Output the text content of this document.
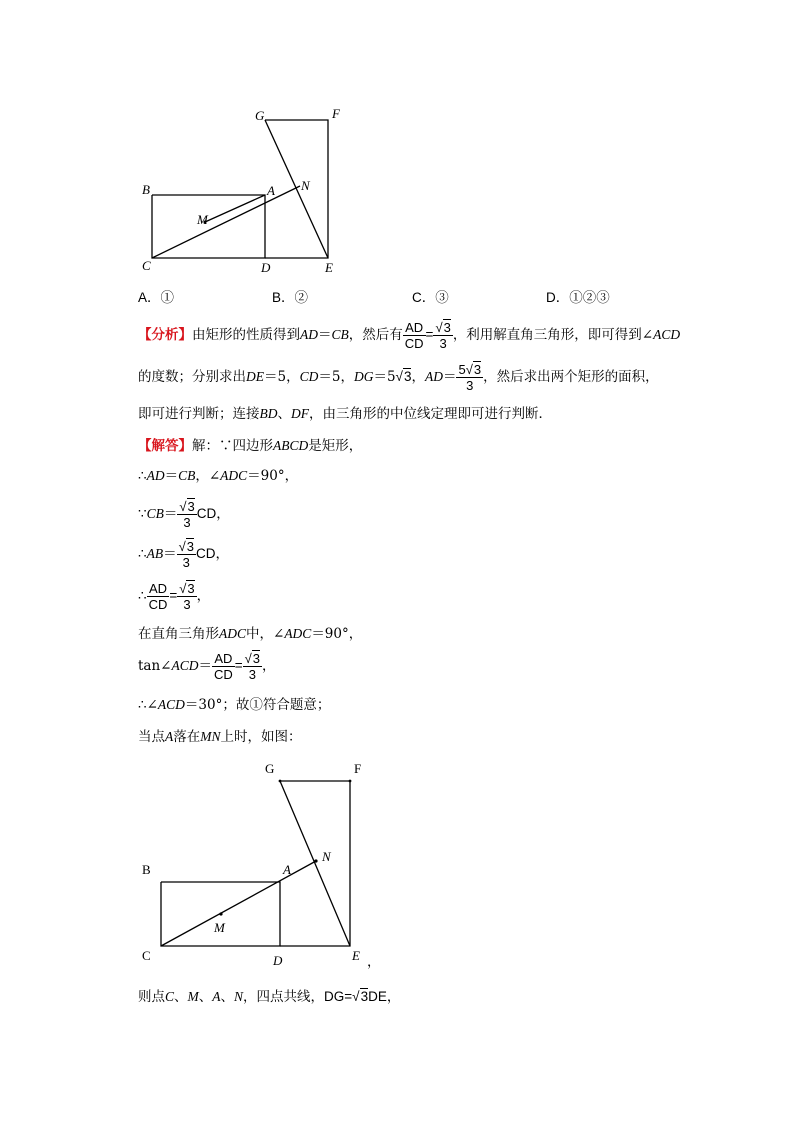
G	F
B	A N
M
C	D	E
A．①	B．②	C．③	D．①②③
【分析】由矩形的性质得到AD＝CB，然后有 $\frac{AD}{CD} = \frac{√3}{3}$ ，利用解直角三角形，即可得到∠ACD
的度数；分别求出DE＝5，CD＝5，DG＝5√3，$AD= \frac{5√3}{3}$ ，然后求出两个矩形的面积，
即可进行判断；连接BD、DF，由三角形的中位线定理即可进行判断．
【解答】解：∵四边形ABCD是矩形，
∴AD＝CB，∠ADC＝90°，
∵CB＝ $\frac{√3}{3}$ CD，
∴AB＝ $\frac{√3}{3}$ CD，
∴ $\frac{AD}{CD} = \frac{√3}{3}$ ，
在直角三角形ADC中，∠ADC＝90°，
tan∠ACD＝ $\frac{AD}{CD} = \frac{√3}{3}$ ，
∴∠ACD＝30°；故①符合题意；
当点A落在MN上时，如图：
G	F
B	A
N
M
C	D	E ，
则点C、M、A、N，四点共线，DG=√3DE，
